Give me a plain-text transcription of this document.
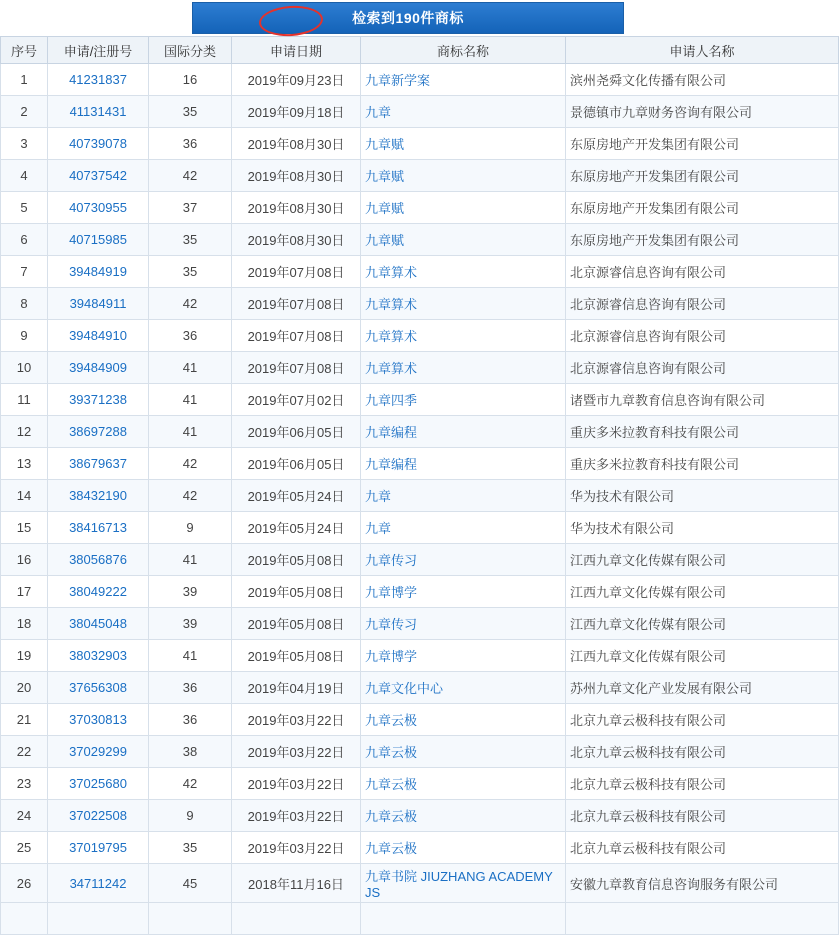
检索到190件商标
序号	申请/注册号	国际分类	申请日期	商标名称	申请人名称
1	41231837	16	2019年09月23日	九章新学案	滨州尧舜文化传播有限公司
2	41131431	35	2019年09月18日	九章	景德镇市九章财务咨询有限公司
3	40739078	36	2019年08月30日	九章赋	东原房地产开发集团有限公司
4	40737542	42	2019年08月30日	九章赋	东原房地产开发集团有限公司
5	40730955	37	2019年08月30日	九章赋	东原房地产开发集团有限公司
6	40715985	35	2019年08月30日	九章赋	东原房地产开发集团有限公司
7	39484919	35	2019年07月08日	九章算术	北京源睿信息咨询有限公司
8	39484911	42	2019年07月08日	九章算术	北京源睿信息咨询有限公司
9	39484910	36	2019年07月08日	九章算术	北京源睿信息咨询有限公司
10	39484909	41	2019年07月08日	九章算术	北京源睿信息咨询有限公司
11	39371238	41	2019年07月02日	九章四季	诸暨市九章教育信息咨询有限公司
12	38697288	41	2019年06月05日	九章编程	重庆多米拉教育科技有限公司
13	38679637	42	2019年06月05日	九章编程	重庆多米拉教育科技有限公司
14	38432190	42	2019年05月24日	九章	华为技术有限公司
15	38416713	9	2019年05月24日	九章	华为技术有限公司
16	38056876	41	2019年05月08日	九章传习	江西九章文化传媒有限公司
17	38049222	39	2019年05月08日	九章博学	江西九章文化传媒有限公司
18	38045048	39	2019年05月08日	九章传习	江西九章文化传媒有限公司
19	38032903	41	2019年05月08日	九章博学	江西九章文化传媒有限公司
20	37656308	36	2019年04月19日	九章文化中心	苏州九章文化产业发展有限公司
21	37030813	36	2019年03月22日	九章云极	北京九章云极科技有限公司
22	37029299	38	2019年03月22日	九章云极	北京九章云极科技有限公司
23	37025680	42	2019年03月22日	九章云极	北京九章云极科技有限公司
24	37022508	9	2019年03月22日	九章云极	北京九章云极科技有限公司
25	37019795	35	2019年03月22日	九章云极	北京九章云极科技有限公司
26	34711242	45	2018年11月16日	九章书院 JIUZHANG ACADEMY JS	安徽九章教育信息咨询服务有限公司
